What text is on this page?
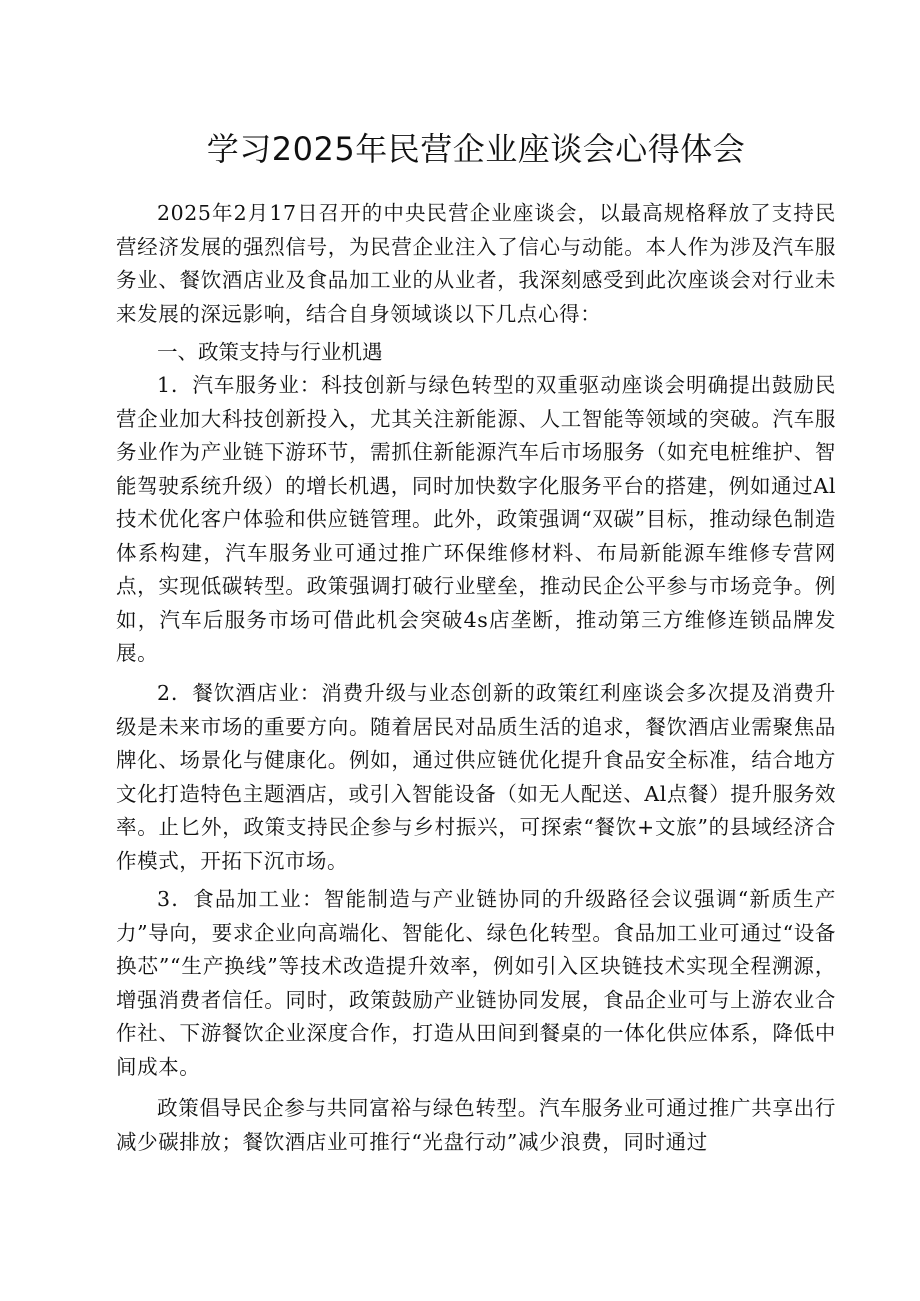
学习2025年民营企业座谈会心得体会

2025年2月17日召开的中央民营企业座谈会，以最高规格释放了支持民营经济发展的强烈信号，为民营企业注入了信心与动能。本人作为涉及汽车服务业、餐饮酒店业及食品加工业的从业者，我深刻感受到此次座谈会对行业未来发展的深远影响，结合自身领域谈以下几点心得：

一、政策支持与行业机遇

1．汽车服务业：科技创新与绿色转型的双重驱动座谈会明确提出鼓励民营企业加大科技创新投入，尤其关注新能源、人工智能等领域的突破。汽车服务业作为产业链下游环节，需抓住新能源汽车后市场服务（如充电桩维护、智能驾驶系统升级）的增长机遇，同时加快数字化服务平台的搭建，例如通过Al技术优化客户体验和供应链管理。此外，政策强调“双碳”目标，推动绿色制造体系构建，汽车服务业可通过推广环保维修材料、布局新能源车维修专营网点，实现低碳转型。政策强调打破行业壁垒，推动民企公平参与市场竞争。例如，汽车后服务市场可借此机会突破4s店垄断，推动第三方维修连锁品牌发展。

2．餐饮酒店业：消费升级与业态创新的政策红利座谈会多次提及消费升级是未来市场的重要方向。随着居民对品质生活的追求，餐饮酒店业需聚焦品牌化、场景化与健康化。例如，通过供应链优化提升食品安全标准，结合地方文化打造特色主题酒店，或引入智能设备（如无人配送、Al点餐）提升服务效率。止匕外，政策支持民企参与乡村振兴，可探索“餐饮+文旅”的县域经济合作模式，开拓下沉市场。

3．食品加工业：智能制造与产业链协同的升级路径会议强调“新质生产力”导向，要求企业向高端化、智能化、绿色化转型。食品加工业可通过“设备换芯”“生产换线”等技术改造提升效率，例如引入区块链技术实现全程溯源，增强消费者信任。同时，政策鼓励产业链协同发展，食品企业可与上游农业合作社、下游餐饮企业深度合作，打造从田间到餐桌的一体化供应体系，降低中间成本。

政策倡导民企参与共同富裕与绿色转型。汽车服务业可通过推广共享出行减少碳排放；餐饮酒店业可推行“光盘行动”减少浪费，同时通过
